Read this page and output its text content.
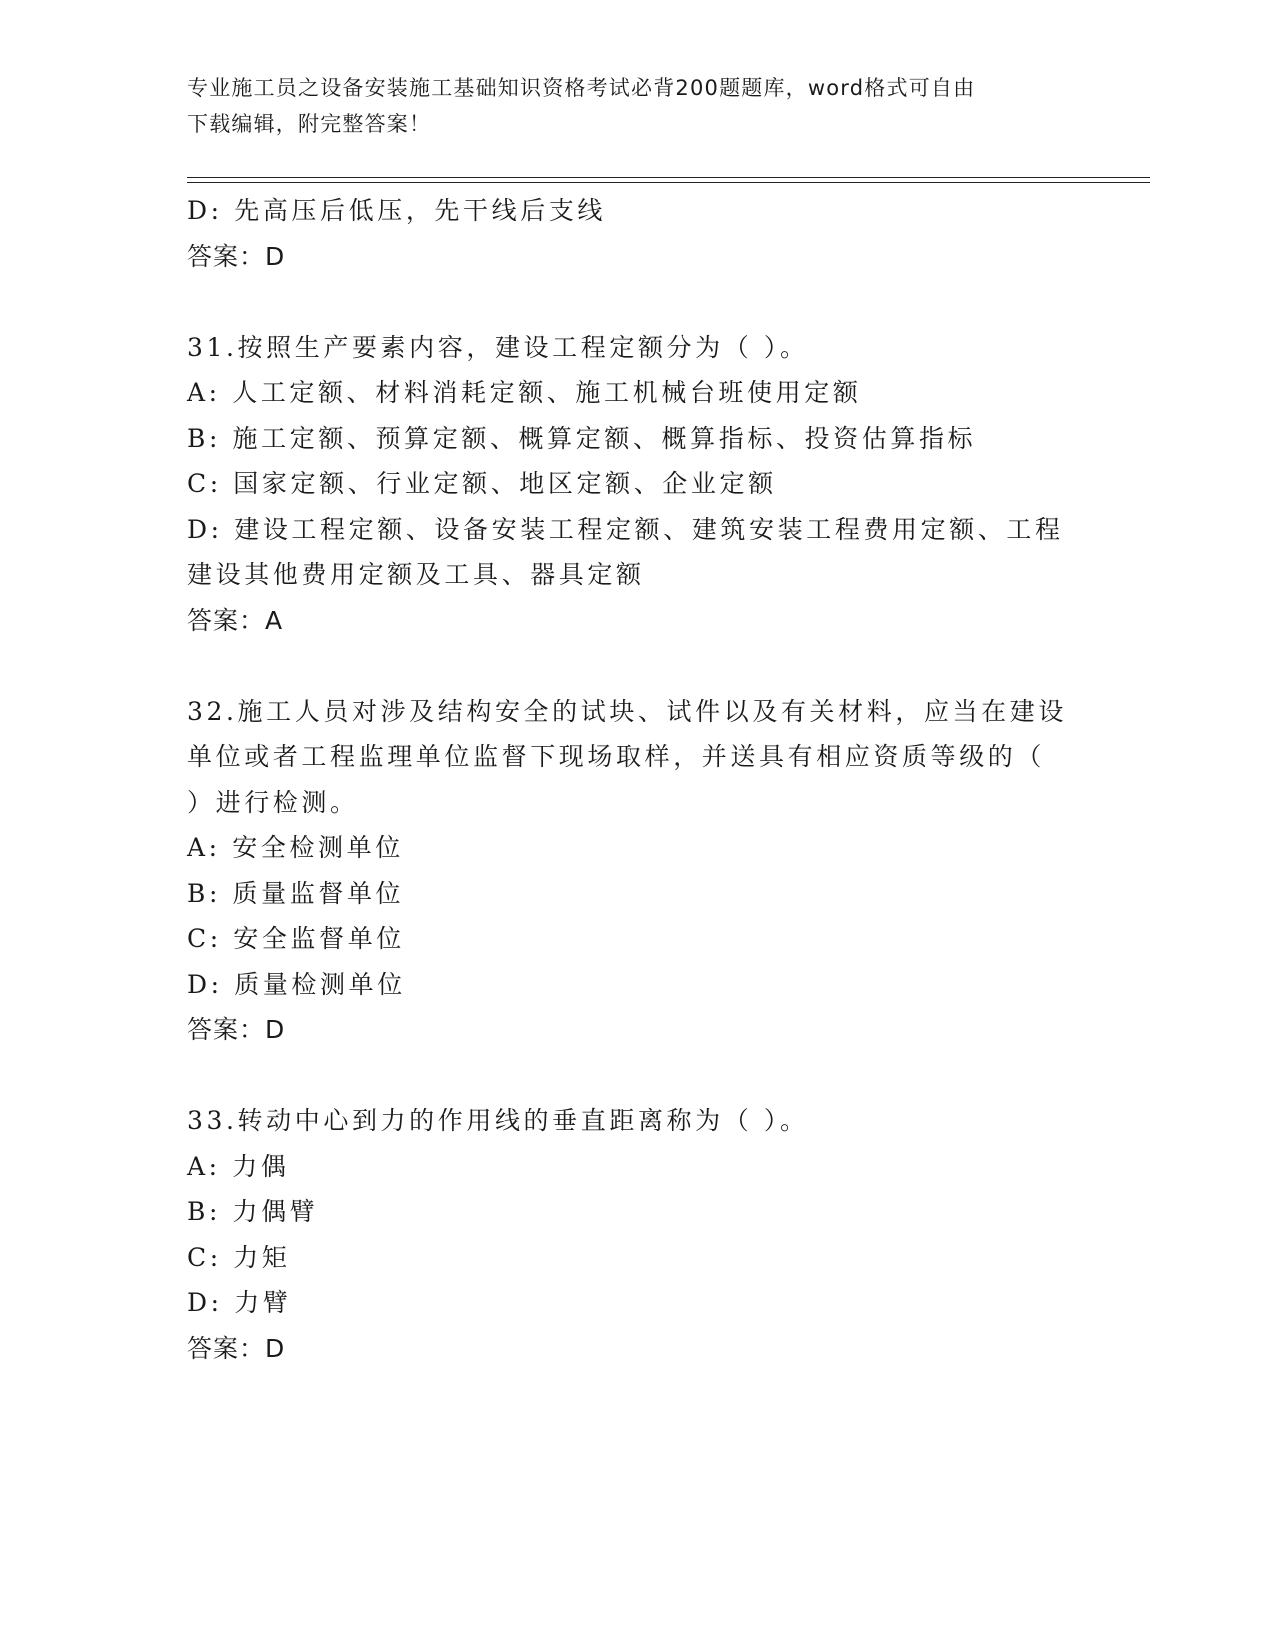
专业施工员之设备安装施工基础知识资格考试必背200题题库，word格式可自由
下载编辑，附完整答案！
D: 先高压后低压，先干线后支线
答案：D
31.按照生产要素内容，建设工程定额分为（ ）。
A: 人工定额、材料消耗定额、施工机械台班使用定额
B: 施工定额、预算定额、概算定额、概算指标、投资估算指标
C: 国家定额、行业定额、地区定额、企业定额
D: 建设工程定额、设备安装工程定额、建筑安装工程费用定额、工程
建设其他费用定额及工具、器具定额
答案：A
32.施工人员对涉及结构安全的试块、试件以及有关材料，应当在建设
单位或者工程监理单位监督下现场取样，并送具有相应资质等级的（
）进行检测。
A: 安全检测单位
B: 质量监督单位
C: 安全监督单位
D: 质量检测单位
答案：D
33.转动中心到力的作用线的垂直距离称为（ ）。
A: 力偶
B: 力偶臂
C: 力矩
D: 力臂
答案：D
